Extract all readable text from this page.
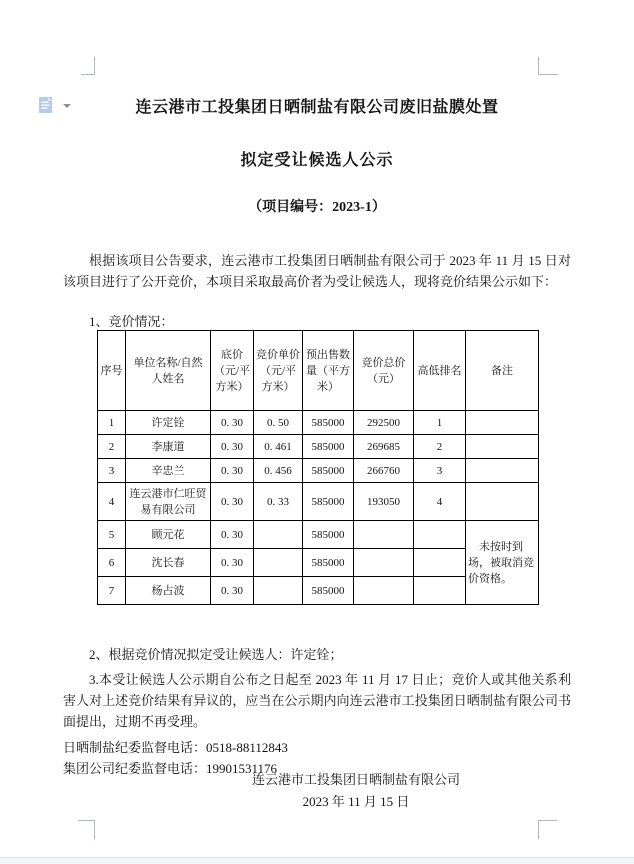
连云港市工投集团日晒制盐有限公司废旧盐膜处置
拟定受让候选人公示
（项目编号：2023-1）

根据该项目公告要求，连云港市工投集团日晒制盐有限公司于 2023 年 11 月 15 日对该项目进行了公开竞价，本项目采取最高价者为受让候选人，现将竞价结果公示如下：

1、竞价情况：

序号	单位名称/自然人姓名	底价（元/平方米）	竞价单价（元/平方米）	预出售数量（平方米）	竞价总价（元）	高低排名	备注
1	许定铨	0. 30	0. 50	585000	292500	1	
2	李康道	0. 30	0. 461	585000	269685	2	
3	辛忠兰	0. 30	0. 456	585000	266760	3	
4	连云港市仁旺贸易有限公司	0. 30	0. 33	585000	193050	4	
5	顾元花	0. 30		585000			未按时到场，被取消竞价资格。
6	沈长春	0. 30		585000			
7	杨占波	0. 30		585000			

2、根据竞价情况拟定受让候选人：许定铨；

3.本受让候选人公示期自公布之日起至 2023 年 11 月 17 日止；竞价人或其他关系利害人对上述竞价结果有异议的，应当在公示期内向连云港市工投集团日晒制盐有限公司书面提出，过期不再受理。

日晒制盐纪委监督电话：0518-88112843

集团公司纪委监督电话：19901531176

连云港市工投集团日晒制盐有限公司
2023 年 11 月 15 日
